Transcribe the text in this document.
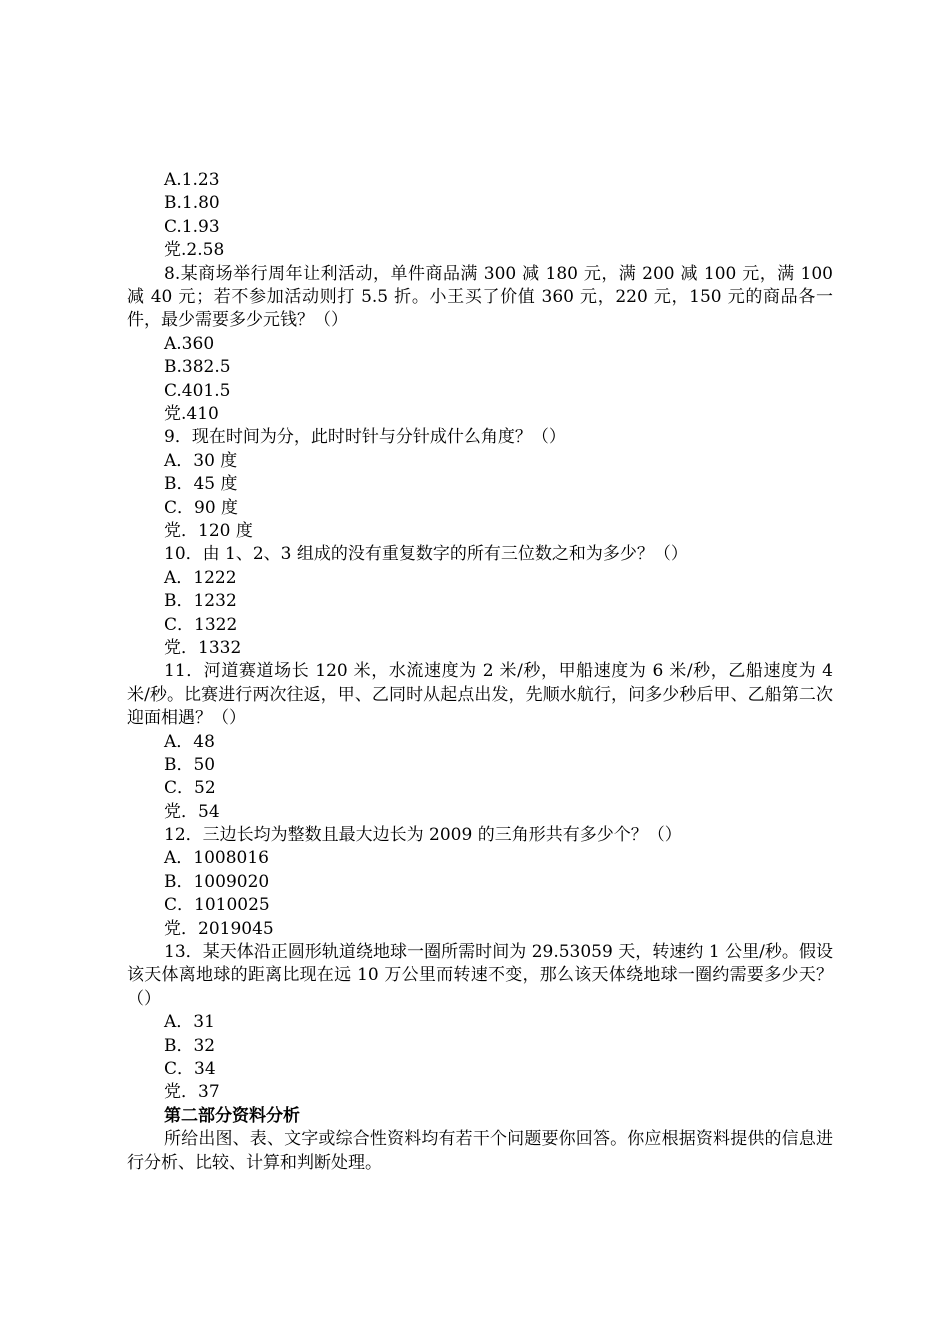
A.1.23
B.1.80
C.1.93
党.2.58
8.某商场举行周年让利活动，单件商品满 300 减 180 元，满 200 减 100 元，满 100 减 40 元；若不参加活动则打 5.5 折。小王买了价值 360 元，220 元，150 元的商品各一件，最少需要多少元钱？（）
A.360
B.382.5
C.401.5
党.410
9．现在时间为分，此时时针与分针成什么角度？（）
A．30 度
B．45 度
C．90 度
党．120 度
10．由 1、2、3 组成的没有重复数字的所有三位数之和为多少？（）
A．1222
B．1232
C．1322
党．1332
11．河道赛道场长 120 米，水流速度为 2 米/秒，甲船速度为 6 米/秒，乙船速度为 4 米/秒。比赛进行两次往返，甲、乙同时从起点出发，先顺水航行，问多少秒后甲、乙船第二次迎面相遇？（）
A．48
B．50
C．52
党．54
12．三边长均为整数且最大边长为 2009 的三角形共有多少个？（）
A．1008016
B．1009020
C．1010025
党．2019045
13．某天体沿正圆形轨道绕地球一圈所需时间为 29.53059 天，转速约 1 公里/秒。假设该天体离地球的距离比现在远 10 万公里而转速不变，那么该天体绕地球一圈约需要多少天？（）
A．31
B．32
C．34
党．37
第二部分资料分析
所给出图、表、文字或综合性资料均有若干个问题要你回答。你应根据资料提供的信息进行分析、比较、计算和判断处理。
